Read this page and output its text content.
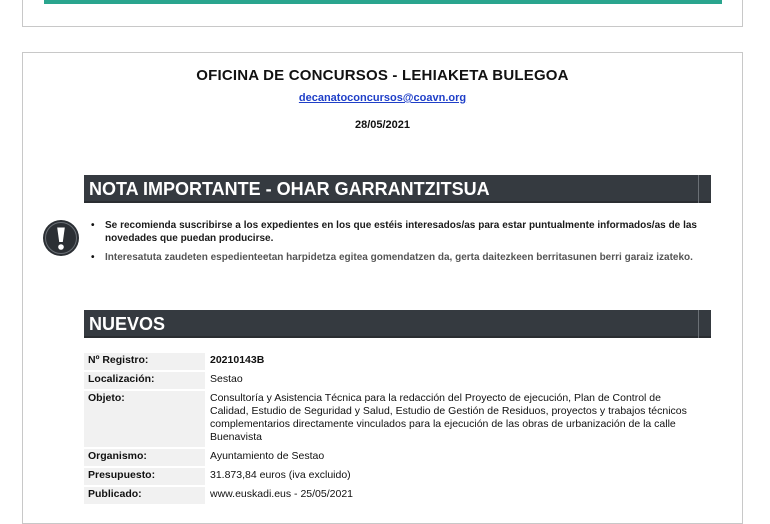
OFICINA DE CONCURSOS - LEHIAKETA BULEGOA
decanatoconcursos@coavn.org
28/05/2021
NOTA IMPORTANTE - OHAR GARRANTZITSUA
• Se recomienda suscribirse a los expedientes en los que estéis interesados/as para estar puntualmente informados/as de las novedades que puedan producirse.
• Interesatuta zaudeten espedienteetan harpidetza egitea gomendatzen da, gerta daitezkeen berritasunen berri garaiz izateko.
NUEVOS
Nº Registro:	20210143B
Localización:	Sestao
Objeto:	Consultoría y Asistencia Técnica para la redacción del Proyecto de ejecución, Plan de Control de Calidad, Estudio de Seguridad y Salud, Estudio de Gestión de Residuos, proyectos y trabajos técnicos complementarios directamente vinculados para la ejecución de las obras de urbanización de la calle Buenavista
Organismo:	Ayuntamiento de Sestao
Presupuesto:	31.873,84 euros (iva excluido)
Publicado:	www.euskadi.eus - 25/05/2021
